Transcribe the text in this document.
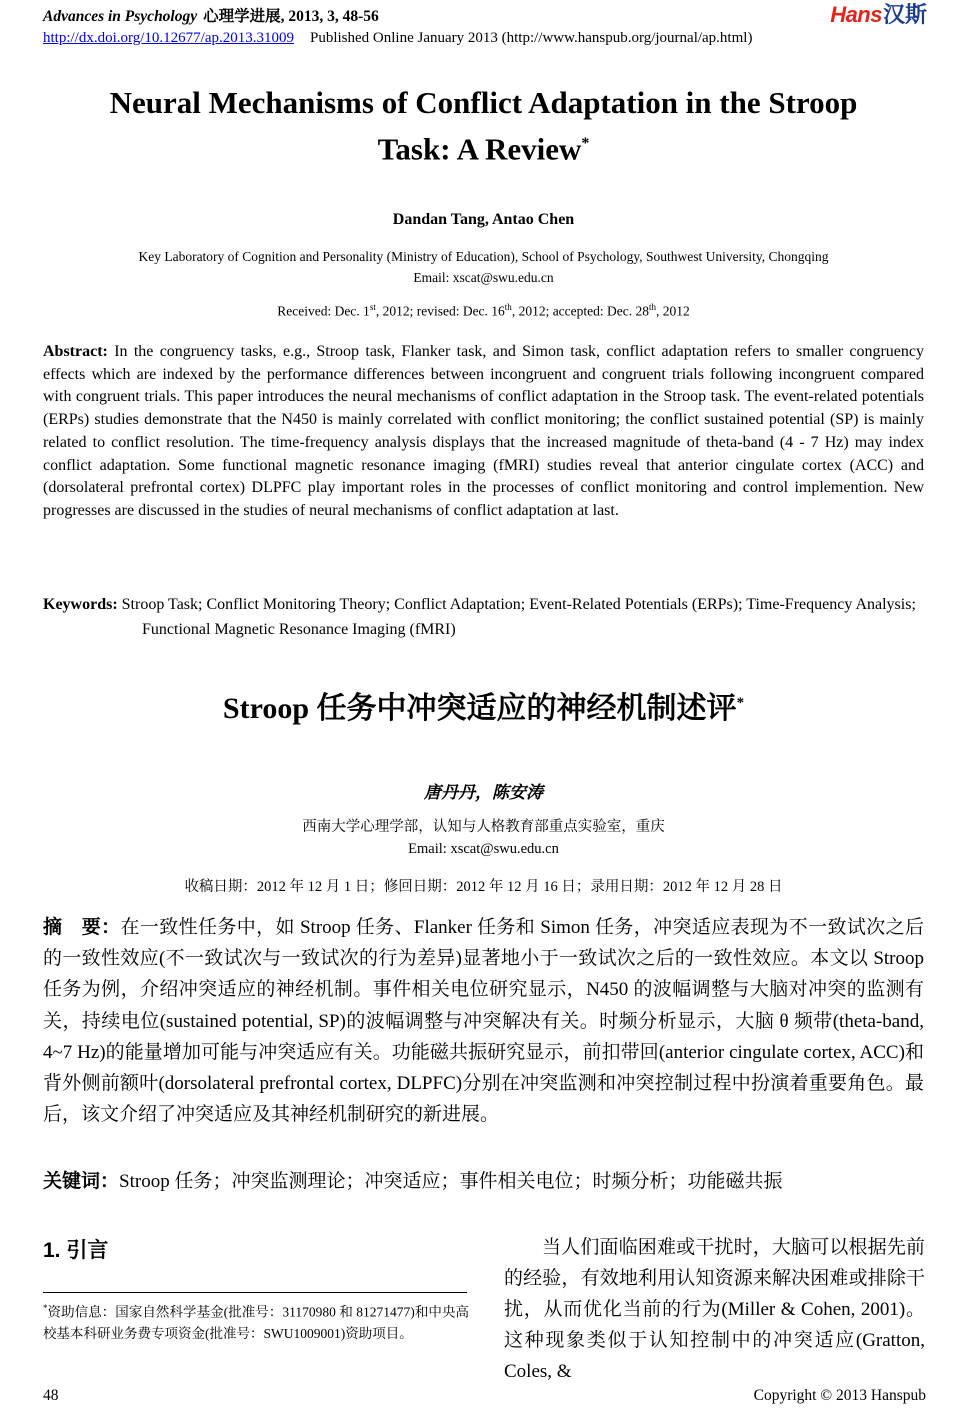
Advances in Psychology 心理学进展, 2013, 3, 48-56	Hans汉斯
http://dx.doi.org/10.12677/ap.2013.31009 Published Online January 2013 (http://www.hanspub.org/journal/ap.html)
Neural Mechanisms of Conflict Adaptation in the Stroop
Task: A Review*
Dandan Tang, Antao Chen
Key Laboratory of Cognition and Personality (Ministry of Education), School of Psychology, Southwest University, Chongqing
Email: xscat@swu.edu.cn
Received: Dec. 1st, 2012; revised: Dec. 16th, 2012; accepted: Dec. 28th, 2012
Abstract: In the congruency tasks, e.g., Stroop task, Flanker task, and Simon task, conflict adaptation refers to smaller congruency effects which are indexed by the performance differences between incongruent and congruent trials following incongruent compared with congruent trials. This paper introduces the neural mechanisms of conflict adaptation in the Stroop task. The event-related potentials (ERPs) studies demonstrate that the N450 is mainly correlated with conflict monitoring; the conflict sustained potential (SP) is mainly related to conflict resolution. The time-frequency analysis displays that the increased magnitude of theta-band (4 - 7 Hz) may index conflict adaptation. Some functional magnetic resonance imaging (fMRI) studies reveal that anterior cingulate cortex (ACC) and (dorsolateral prefrontal cortex) DLPFC play important roles in the processes of conflict monitoring and control implemention. New progresses are discussed in the studies of neural mechanisms of conflict adaptation at last.
Keywords: Stroop Task; Conflict Monitoring Theory; Conflict Adaptation; Event-Related Potentials (ERPs); Time-Frequency Analysis; Functional Magnetic Resonance Imaging (fMRI)
Stroop 任务中冲突适应的神经机制述评*
唐丹丹，陈安涛
西南大学心理学部，认知与人格教育部重点实验室，重庆
Email: xscat@swu.edu.cn
收稿日期：2012 年 12 月 1 日；修回日期：2012 年 12 月 16 日；录用日期：2012 年 12 月 28 日
摘　要：在一致性任务中，如 Stroop 任务、Flanker 任务和 Simon 任务，冲突适应表现为不一致试次之后的一致性效应(不一致试次与一致试次的行为差异)显著地小于一致试次之后的一致性效应。本文以 Stroop 任务为例，介绍冲突适应的神经机制。事件相关电位研究显示，N450 的波幅调整与大脑对冲突的监测有关，持续电位(sustained potential, SP)的波幅调整与冲突解决有关。时频分析显示，大脑 θ 频带(theta-band, 4~7 Hz)的能量增加可能与冲突适应有关。功能磁共振研究显示，前扣带回(anterior cingulate cortex, ACC)和背外侧前额叶(dorsolateral prefrontal cortex, DLPFC)分别在冲突监测和冲突控制过程中扮演着重要角色。最后，该文介绍了冲突适应及其神经机制研究的新进展。
关键词：Stroop 任务；冲突监测理论；冲突适应；事件相关电位；时频分析；功能磁共振
1. 引言
*资助信息：国家自然科学基金(批准号：31170980 和 81271477)和中央高校基本科研业务费专项资金(批准号：SWU1009001)资助项目。
当人们面临困难或干扰时，大脑可以根据先前的经验，有效地利用认知资源来解决困难或排除干扰，从而优化当前的行为(Miller & Cohen, 2001)。这种现象类似于认知控制中的冲突适应(Gratton, Coles, &
48	Copyright © 2013 Hanspub
